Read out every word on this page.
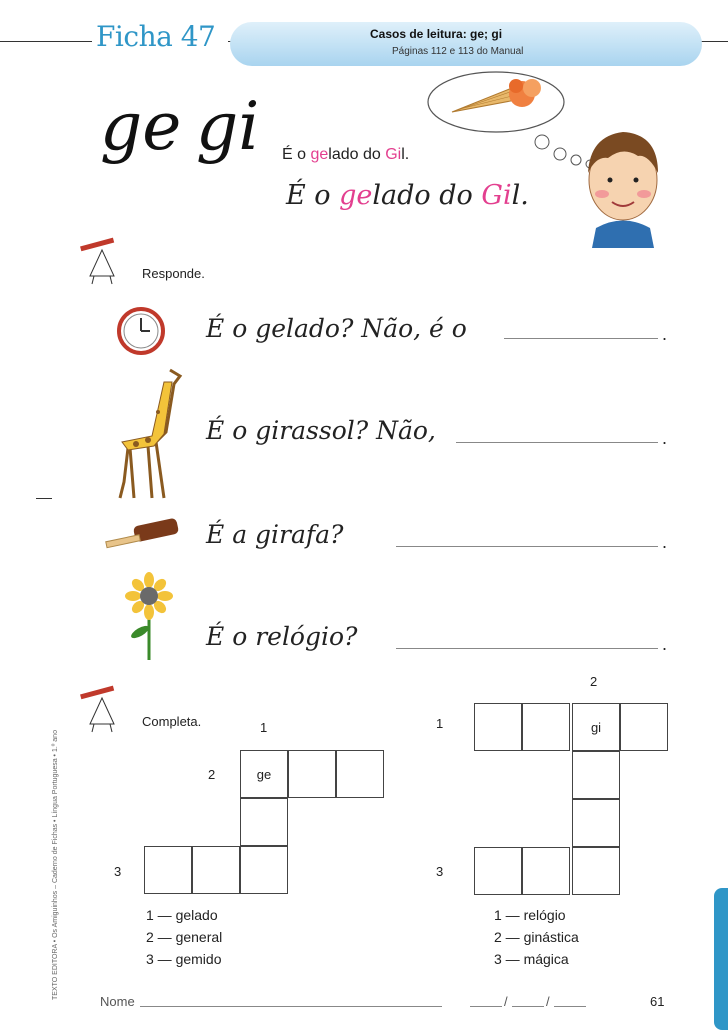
Ficha 47	Casos de leitura: ge; gi
Páginas 112 e 113 do Manual
ge gi É o gelado do Gil.
É o gelado do Gil.
Responde.
Completa.
É o gelado? Não, é o	.
É o girassol? Não,	.
É a girafa?	.
É o relógio?	.
TEXTO EDITORA • Os Amiguinhos – Caderno de Fichas • Língua Portuguesa • 1.º ano
1
2
3
ge
2
1
3
gi
1 — gelado
2 — general
3 — gemido
1 — relógio
2 — ginástica
3 — mágica
Nome	/	/	61
